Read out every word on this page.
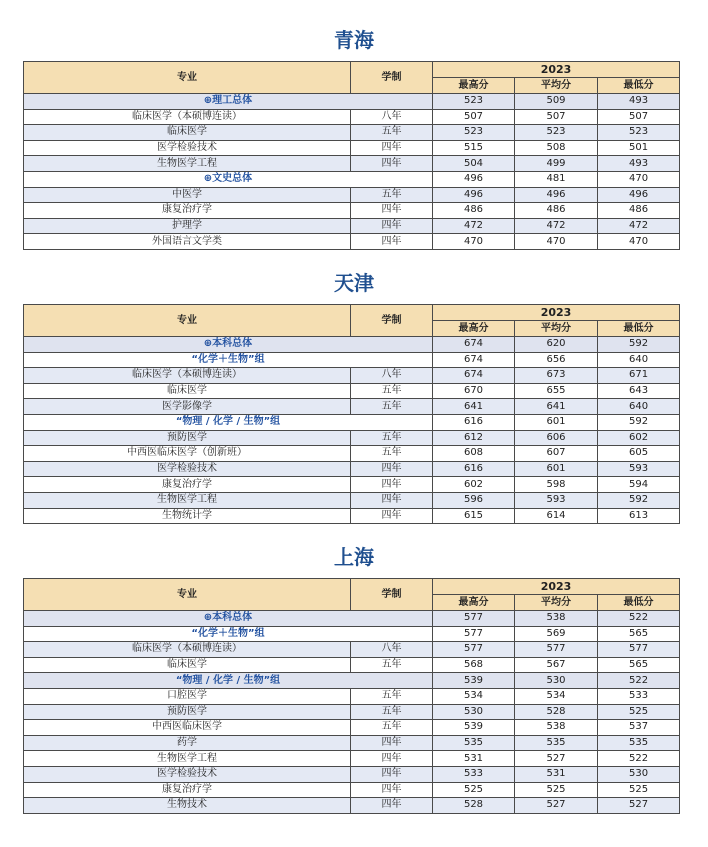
青海
专业	学制	2023		
		最高分	平均分	最低分
⊕理工总体		523	509	493
临床医学（本硕博连读）	八年	507	507	507
临床医学	五年	523	523	523
医学检验技术	四年	515	508	501
生物医学工程	四年	504	499	493
⊕文史总体		496	481	470
中医学	五年	496	496	496
康复治疗学	四年	486	486	486
护理学	四年	472	472	472
外国语言文学类	四年	470	470	470
天津
专业	学制	2023		
		最高分	平均分	最低分
⊕本科总体		674	620	592
“化学＋生物”组		674	656	640
临床医学（本硕博连读）	八年	674	673	671
临床医学	五年	670	655	643
医学影像学	五年	641	641	640
“物理 / 化学 / 生物”组		616	601	592
预防医学	五年	612	606	602
中西医临床医学（创新班）	五年	608	607	605
医学检验技术	四年	616	601	593
康复治疗学	四年	602	598	594
生物医学工程	四年	596	593	592
生物统计学	四年	615	614	613
上海
专业	学制	2023		
		最高分	平均分	最低分
⊕本科总体		577	538	522
“化学＋生物”组		577	569	565
临床医学（本硕博连读）	八年	577	577	577
临床医学	五年	568	567	565
“物理 / 化学 / 生物”组		539	530	522
口腔医学	五年	534	534	533
预防医学	五年	530	528	525
中西医临床医学	五年	539	538	537
药学	四年	535	535	535
生物医学工程	四年	531	527	522
医学检验技术	四年	533	531	530
康复治疗学	四年	525	525	525
生物技术	四年	528	527	527
